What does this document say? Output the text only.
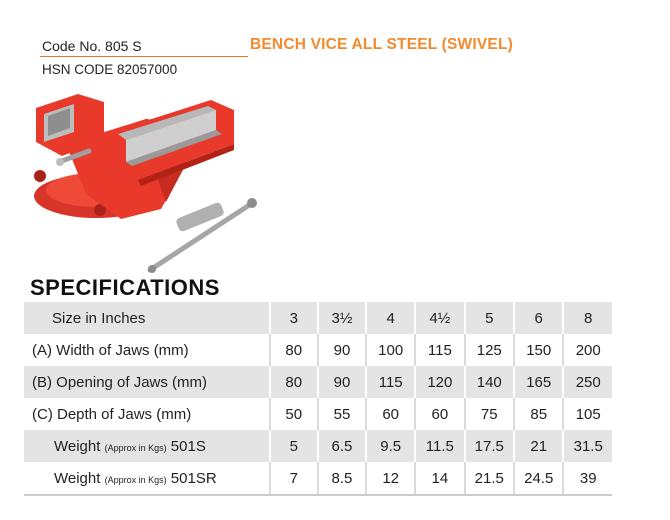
Code No. 805 S	BENCH VICE ALL STEEL (SWIVEL)
HSN CODE 82057000
SPECIFICATIONS
Size in Inches	3	3½	4	4½	5	6	8
(A) Width of Jaws (mm)	80	90	100	115	125	150	200
(B) Opening of Jaws (mm)	80	90	115	120	140	165	250
(C) Depth of Jaws (mm)	50	55	60	60	75	85	105
Weight (Approx in Kgs) 501S	5	6.5	9.5	11.5	17.5	21	31.5
Weight (Approx in Kgs) 501SR	7	8.5	12	14	21.5	24.5	39
